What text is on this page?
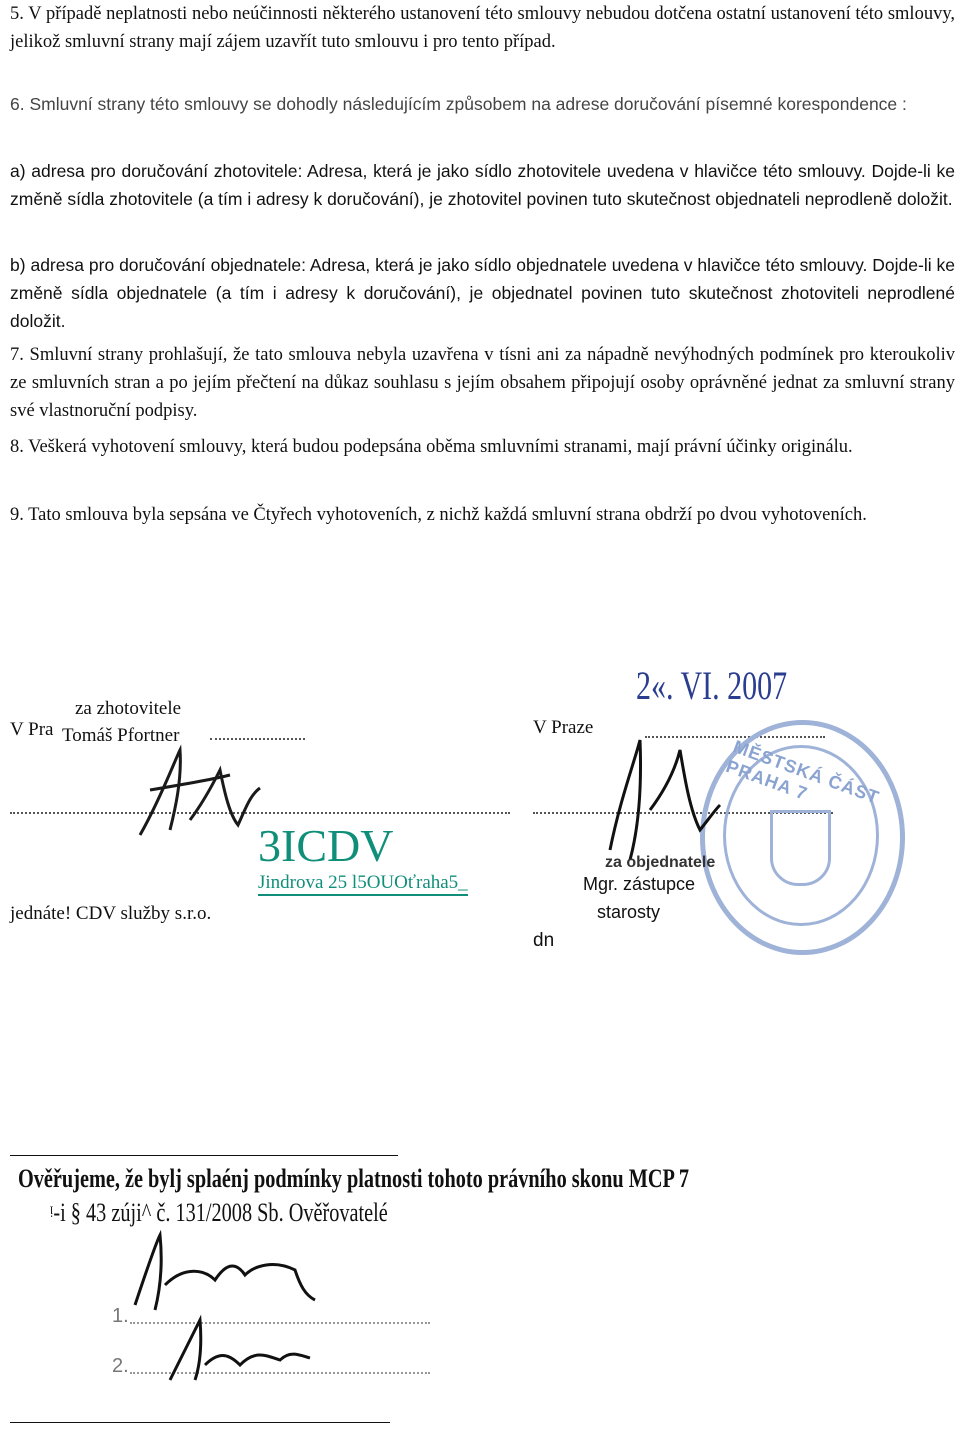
5. V případě neplatnosti nebo neúčinnosti některého ustanovení této smlouvy nebudou dotčena ostatní ustanovení této smlouvy, jelikož smluvní strany mají zájem uzavřít tuto smlouvu i pro tento případ.
6. Smluvní strany této smlouvy se dohodly následujícím způsobem na adrese doručování písemné korespondence :
a) adresa pro doručování zhotovitele: Adresa, která je jako sídlo zhotovitele uvedena v hlavičce této smlouvy. Dojde-li ke změně sídla zhotovitele (a tím i adresy k doručování), je zhotovitel povinen tuto skutečnost objednateli neprodleně doložit.
b) adresa pro doručování objednatele: Adresa, která je jako sídlo objednatele uvedena v hlavičce této smlouvy. Dojde-li ke změně sídla objednatele (a tím i adresy k doručování), je objednatel povinen tuto skutečnost zhotoviteli neprodlené doložit.
7. Smluvní strany prohlašují, že tato smlouva nebyla uzavřena v tísni ani za nápadně nevýhodných podmínek pro kteroukoliv ze smluvních stran a po jejím přečtení na důkaz souhlasu s jejím obsahem připojují osoby oprávněné jednat za smluvní strany své vlastnoruční podpisy.
8. Veškerá vyhotovení smlouvy, která budou podepsána oběma smluvními stranami, mají právní účinky originálu.
9. Tato smlouva byla sepsána ve Čtyřech vyhotoveních, z nichž každá smluvní strana obdrží po dvou vyhotoveních.
V Pra
za zhotovitele
Tomáš Pfortner
3ICDV
Jindrova 25 l5OUOťraha5_
jednáte! CDV služby s.r.o.
2«. VI. 2007
V Praze
MĚSTSKÁ ČÁST PRAHA 7
za objednatele
Mgr. zástupce
starosty
dn
Ověřujeme, že bylj splaénj podmínky platnosti tohoto právního skonu MCP 7
ᵎ-i § 43 zúji^ č. 131/2008 Sb. Ověřovatelé
1.
2.
